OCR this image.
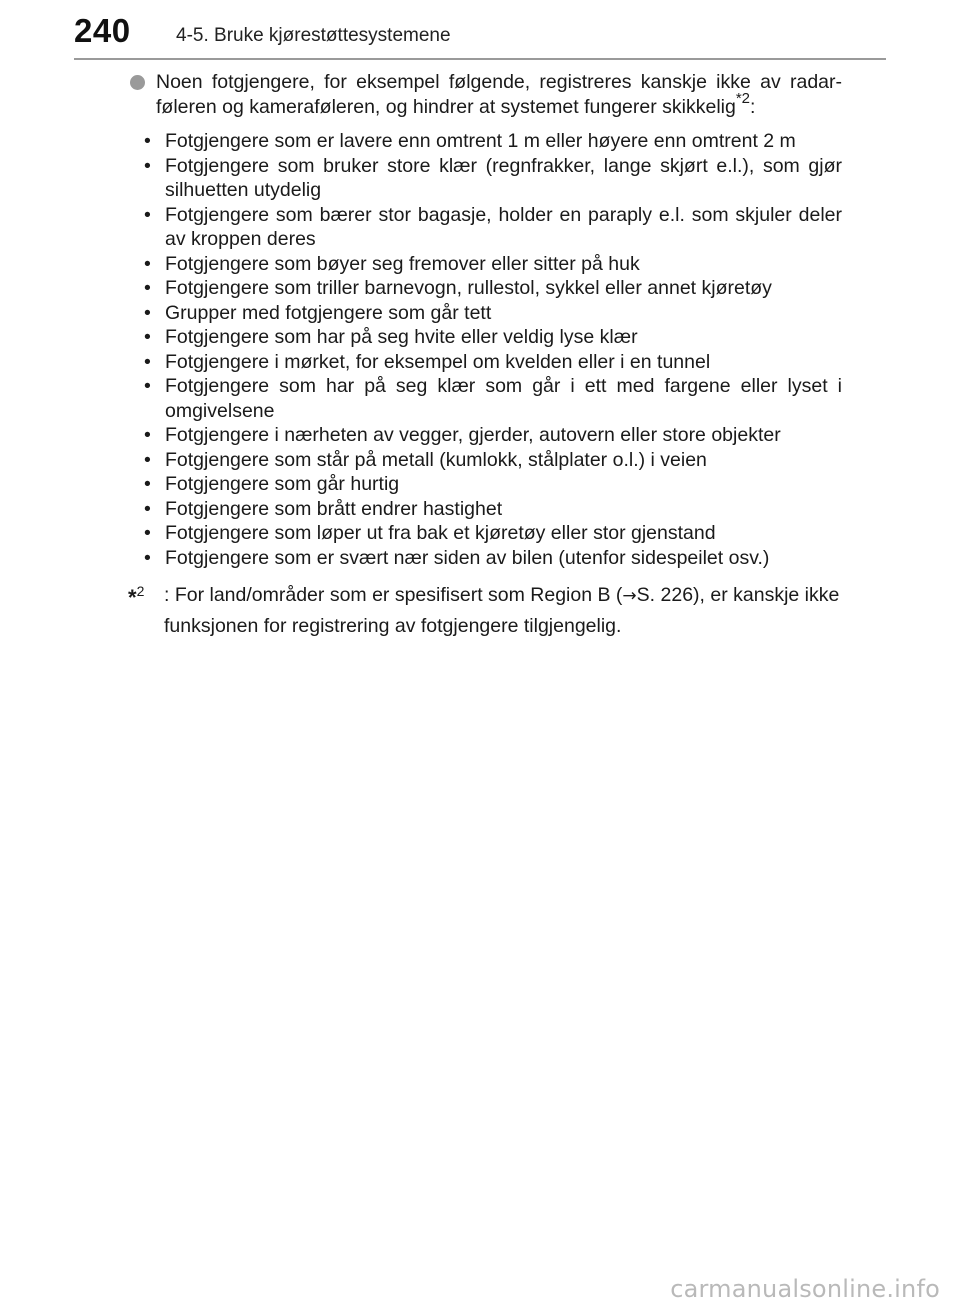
240 4-5. Bruke kjørestøttesystemene
Noen fotgjengere, for eksempel følgende, registreres kanskje ikke av radar-føleren og kameraføleren, og hindrer at systemet fungerer skikkelig$^{*2}$:
• Fotgjengere som er lavere enn omtrent 1 m eller høyere enn omtrent 2 m
• Fotgjengere som bruker store klær (regnfrakker, lange skjørt e.l.), som gjør silhuetten utydelig
• Fotgjengere som bærer stor bagasje, holder en paraply e.l. som skjuler deler av kroppen deres
• Fotgjengere som bøyer seg fremover eller sitter på huk
• Fotgjengere som triller barnevogn, rullestol, sykkel eller annet kjøretøy
• Grupper med fotgjengere som går tett
• Fotgjengere som har på seg hvite eller veldig lyse klær
• Fotgjengere i mørket, for eksempel om kvelden eller i en tunnel
• Fotgjengere som har på seg klær som går i ett med fargene eller lyset i omgivelsene
• Fotgjengere i nærheten av vegger, gjerder, autovern eller store objekter
• Fotgjengere som står på metall (kumlokk, stålplater o.l.) i veien
• Fotgjengere som går hurtig
• Fotgjengere som brått endrer hastighet
• Fotgjengere som løper ut fra bak et kjøretøy eller stor gjenstand
• Fotgjengere som er svært nær siden av bilen (utenfor sidespeilet osv.)
*$^2$ : For land/områder som er spesifisert som Region B (→S. 226), er kanskje ikke funksjonen for registrering av fotgjengere tilgjengelig.
carmanualsonline.info
